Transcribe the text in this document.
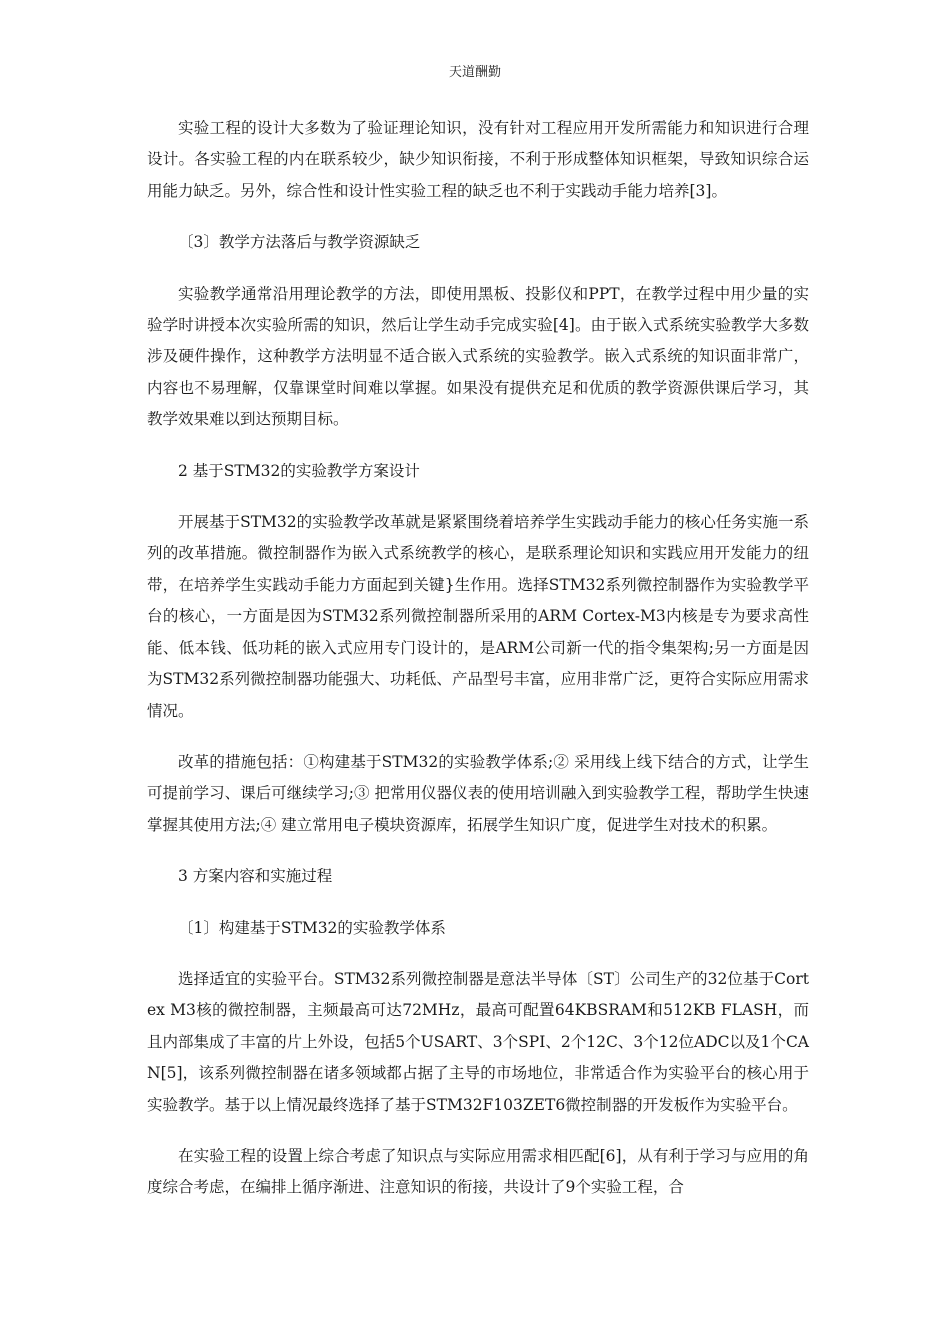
天道酬勤

实验工程的设计大多数为了验证理论知识，没有针对工程应用开发所需能力和知识进行合理设计。各实验工程的内在联系较少，缺少知识衔接，不利于形成整体知识框架，导致知识综合运用能力缺乏。另外，综合性和设计性实验工程的缺乏也不利于实践动手能力培养[3]。

〔3〕教学方法落后与教学资源缺乏

实验教学通常沿用理论教学的方法，即使用黑板、投影仪和PPT，在教学过程中用少量的实验学时讲授本次实验所需的知识，然后让学生动手完成实验[4]。由于嵌入式系统实验教学大多数涉及硬件操作，这种教学方法明显不适合嵌入式系统的实验教学。嵌入式系统的知识面非常广，内容也不易理解，仅靠课堂时间难以掌握。如果没有提供充足和优质的教学资源供课后学习，其教学效果难以到达预期目标。

2 基于STM32的实验教学方案设计

开展基于STM32的实验教学改革就是紧紧围绕着培养学生实践动手能力的核心任务实施一系列的改革措施。微控制器作为嵌入式系统教学的核心，是联系理论知识和实践应用开发能力的纽带，在培养学生实践动手能力方面起到关键}生作用。选择STM32系列微控制器作为实验教学平台的核心，一方面是因为STM32系列微控制器所采用的ARM Cortex-M3内核是专为要求高性能、低本钱、低功耗的嵌入式应用专门设计的，是ARM公司新一代的指令集架构;另一方面是因为STM32系列微控制器功能强大、功耗低、产品型号丰富，应用非常广泛，更符合实际应用需求情况。

改革的措施包括：①构建基于STM32的实验教学体系;② 采用线上线下结合的方式，让学生可提前学习、课后可继续学习;③ 把常用仪器仪表的使用培训融入到实验教学工程，帮助学生快速掌握其使用方法;④ 建立常用电子模块资源库，拓展学生知识广度，促进学生对技术的积累。

3 方案内容和实施过程

〔1〕构建基于STM32的实验教学体系

选择适宜的实验平台。STM32系列微控制器是意法半导体〔ST〕公司生产的32位基于Cortex M3核的微控制器，主频最高可达72MHz，最高可配置64KBSRAM和512KB FLASH，而且内部集成了丰富的片上外设，包括5个USART、3个SPI、2个12C、3个12位ADC以及1个CAN[5]，该系列微控制器在诸多领域都占据了主导的市场地位，非常适合作为实验平台的核心用于实验教学。基于以上情况最终选择了基于STM32F103ZET6微控制器的开发板作为实验平台。

在实验工程的设置上综合考虑了知识点与实际应用需求相匹配[6]，从有利于学习与应用的角度综合考虑，在编排上循序渐进、注意知识的衔接，共设计了9个实验工程，合
